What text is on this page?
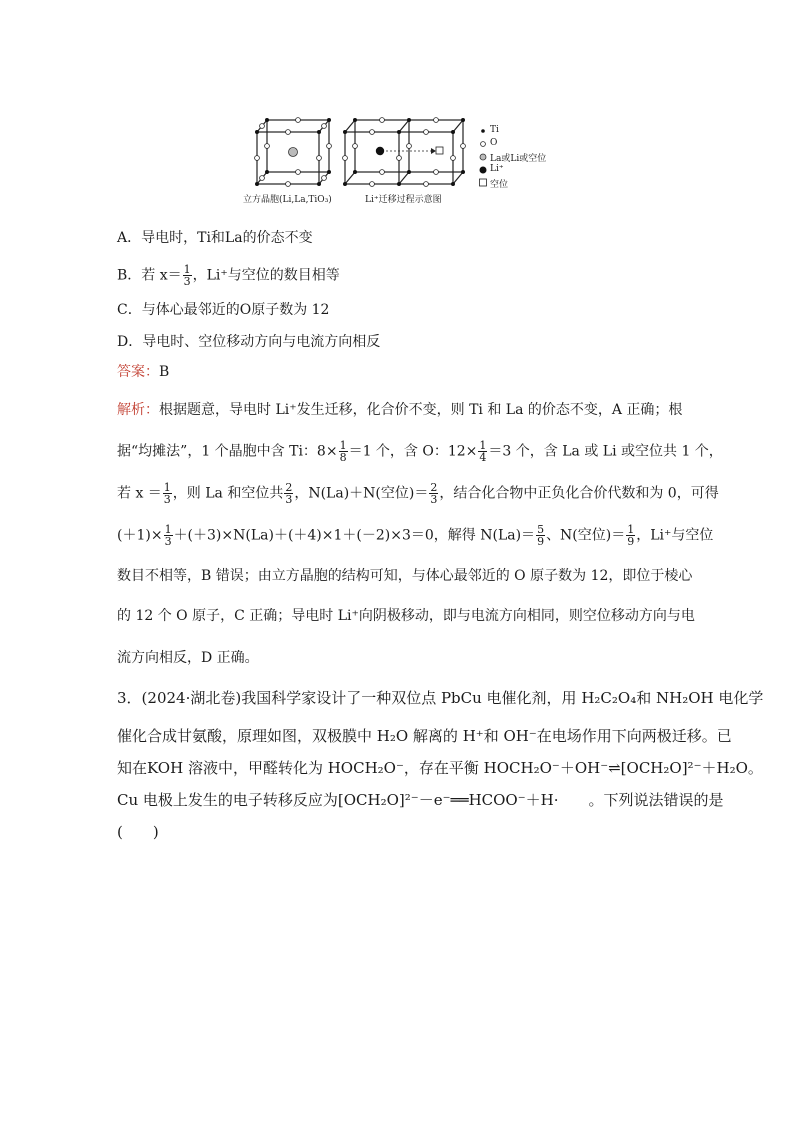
立方晶胞(Li,La,TiO₃)	Li⁺迁移过程示意图
Ti
O
La或Li或空位
Li⁺
空位
A．导电时，Ti和La的价态不变
B．若 $x= \frac{1}{3}$ ，Li⁺与空位的数目相等
C．与体心最邻近的O原子数为 12
D．导电时、空位移动方向与电流方向相反
答案：B
解析：根据题意，导电时 Li⁺发生迁移，化合价不变，则 Ti 和 La 的价态不变，A 正确；根
据“均摊法”，1 个晶胞中含 Ti：$8\times \frac{1}{8} =1$ 个，含 O：$12\times \frac{1}{4} =3$ 个，含 La 或 Li 或空位共 1 个，
若 $x = \frac{1}{3}$ ，则 La 和空位共 $\frac{2}{3}$ ，N(La)＋N(空位)＝ $\frac{2}{3}$ ，结合化合物中正负化合价代数和为 0，可得
$(+1)\times \frac{1}{3} +(+3)\times N(La)+(+4)\times 1+(-2)\times 3=0$，解得 $N(La)= \frac{5}{9}$ 、N(空位)＝ $\frac{1}{9}$ ，Li⁺与空位
数目不相等，B 错误；由立方晶胞的结构可知，与体心最邻近的 O 原子数为 12，即位于棱心
的 12 个 O 原子，C 正确；导电时 Li⁺向阴极移动，即与电流方向相同，则空位移动方向与电
流方向相反，D 正确。
3．(2024·湖北卷)我国科学家设计了一种双位点 PbCu 电催化剂，用 H₂C₂O₄和 NH₂OH 电化学
催化合成甘氨酸，原理如图，双极膜中 H₂O 解离的 H⁺和 OH⁻在电场作用下向两极迁移。已
知在KOH 溶液中，甲醛转化为 HOCH₂O⁻，存在平衡 HOCH₂O⁻＋OH⁻⇌[OCH₂O]²⁻＋H₂O。
Cu 电极上发生的电子转移反应为[OCH₂O]²⁻－e⁻══HCOO⁻＋H·　　。下列说法错误的是
(　　)
